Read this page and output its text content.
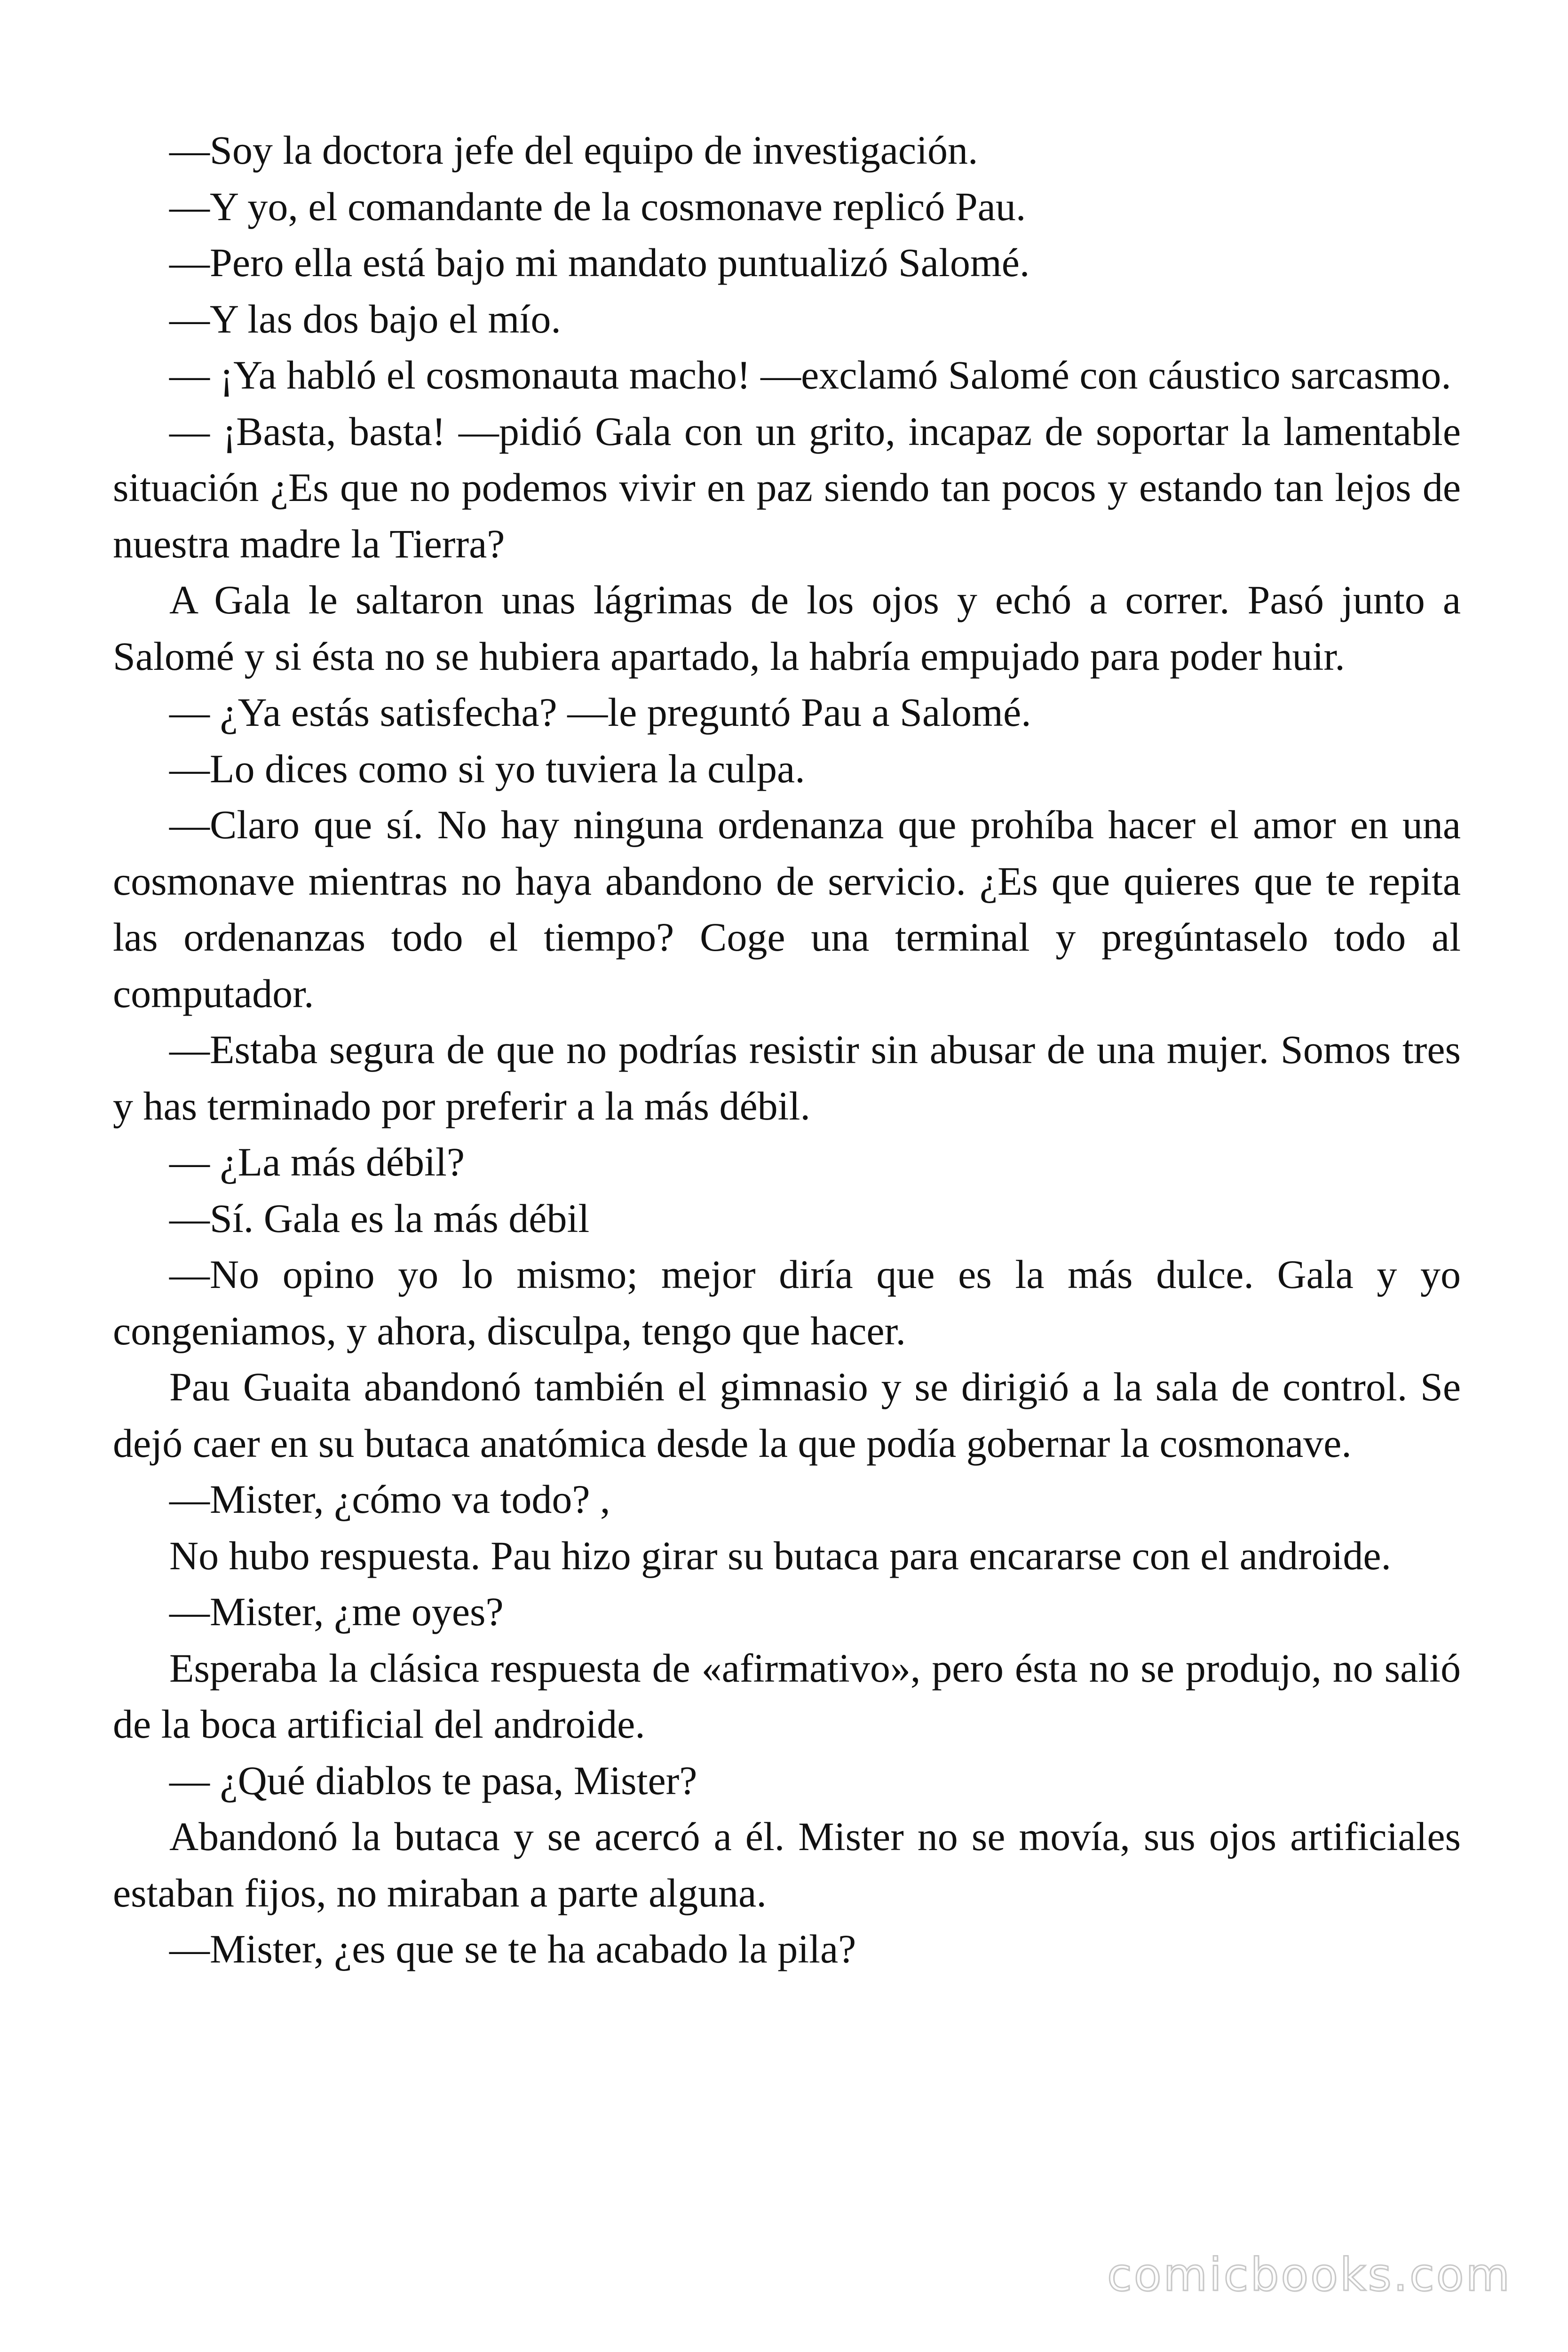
—Soy la doctora jefe del equipo de investigación.

—Y yo, el comandante de la cosmonave replicó Pau.

—Pero ella está bajo mi mandato puntualizó Salomé.

—Y las dos bajo el mío.

— ¡Ya habló el cosmonauta macho! —exclamó Salomé con cáustico sarcasmo.

— ¡Basta, basta! —pidió Gala con un grito, incapaz de soportar la lamentable situación ¿Es que no podemos vivir en paz siendo tan pocos y estando tan lejos de nuestra madre la Tierra?

A Gala le saltaron unas lágrimas de los ojos y echó a correr. Pasó junto a Salomé y si ésta no se hubiera apartado, la habría empujado para poder huir.

— ¿Ya estás satisfecha? —le preguntó Pau a Salomé.

—Lo dices como si yo tuviera la culpa.

—Claro que sí. No hay ninguna ordenanza que prohíba hacer el amor en una cosmonave mientras no haya abandono de servicio. ¿Es que quieres que te repita las ordenanzas todo el tiempo? Coge una terminal y pregúntaselo todo al computador.

—Estaba segura de que no podrías resistir sin abusar de una mujer. Somos tres y has terminado por preferir a la más débil.

— ¿La más débil?

—Sí. Gala es la más débil

—No opino yo lo mismo; mejor diría que es la más dulce. Gala y yo congeniamos, y ahora, disculpa, tengo que hacer.

Pau Guaita abandonó también el gimnasio y se dirigió a la sala de control. Se dejó caer en su butaca anatómica desde la que podía gobernar la cosmonave.

—Mister, ¿cómo va todo? ,

No hubo respuesta. Pau hizo girar su butaca para encararse con el androide.

—Mister, ¿me oyes?

Esperaba la clásica respuesta de «afirmativo», pero ésta no se produjo, no salió de la boca artificial del androide.

— ¿Qué diablos te pasa, Mister?

Abandonó la butaca y se acercó a él. Mister no se movía, sus ojos artificiales estaban fijos, no miraban a parte alguna.

—Mister, ¿es que se te ha acabado la pila?

comicbooks.com
